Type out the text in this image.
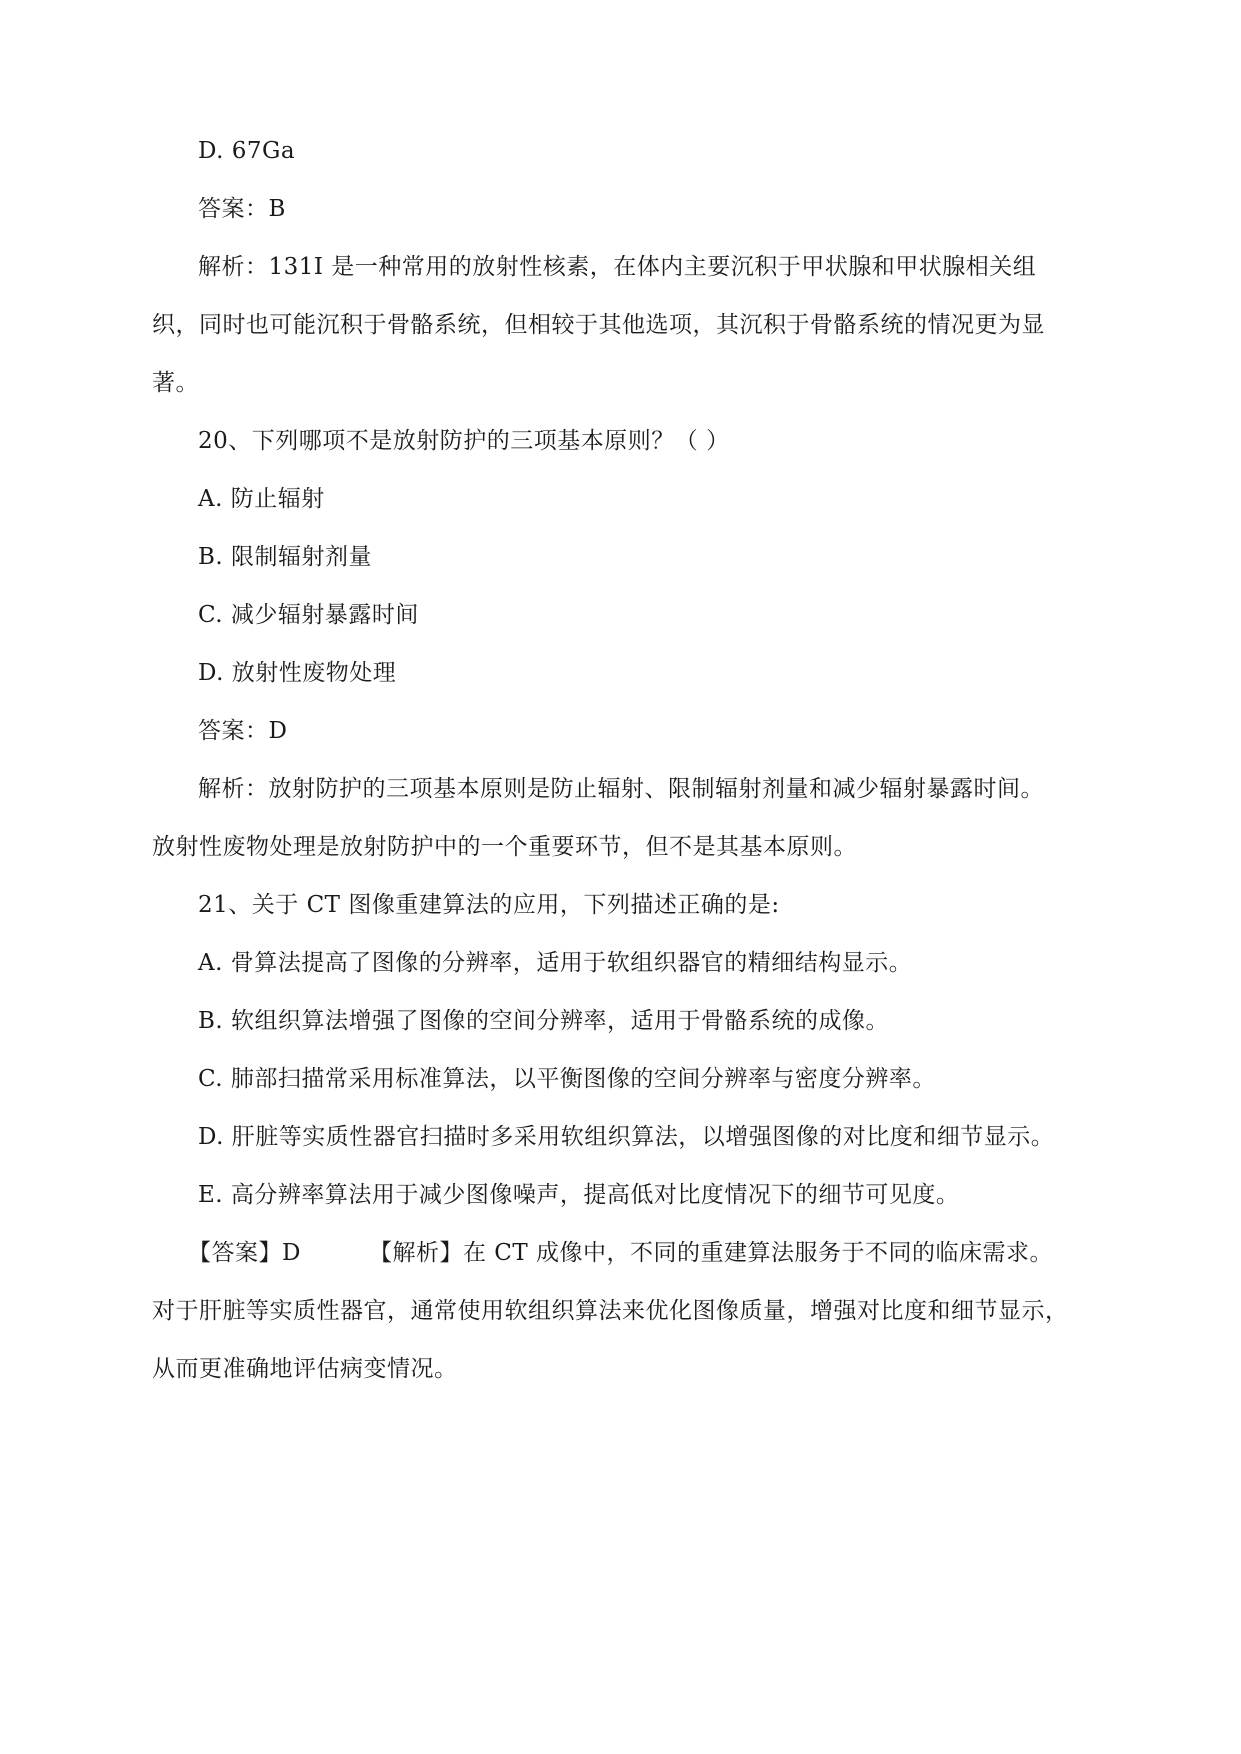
D. 67Ga
答案：B
解析：131I 是一种常用的放射性核素，在体内主要沉积于甲状腺和甲状腺相关组
织，同时也可能沉积于骨骼系统，但相较于其他选项，其沉积于骨骼系统的情况更为显
著。
20、下列哪项不是放射防护的三项基本原则？（ ）
A. 防止辐射
B. 限制辐射剂量
C. 减少辐射暴露时间
D. 放射性废物处理
答案：D
解析：放射防护的三项基本原则是防止辐射、限制辐射剂量和减少辐射暴露时间。
放射性废物处理是放射防护中的一个重要环节，但不是其基本原则。
21、关于 CT 图像重建算法的应用，下列描述正确的是:
A. 骨算法提高了图像的分辨率，适用于软组织器官的精细结构显示。
B. 软组织算法增强了图像的空间分辨率，适用于骨骼系统的成像。
C. 肺部扫描常采用标准算法，以平衡图像的空间分辨率与密度分辨率。
D. 肝脏等实质性器官扫描时多采用软组织算法，以增强图像的对比度和细节显示。
E. 高分辨率算法用于减少图像噪声，提高低对比度情况下的细节可见度。
【答案】D	【解析】在 CT 成像中，不同的重建算法服务于不同的临床需求。
对于肝脏等实质性器官，通常使用软组织算法来优化图像质量，增强对比度和细节显示，
从而更准确地评估病变情况。
